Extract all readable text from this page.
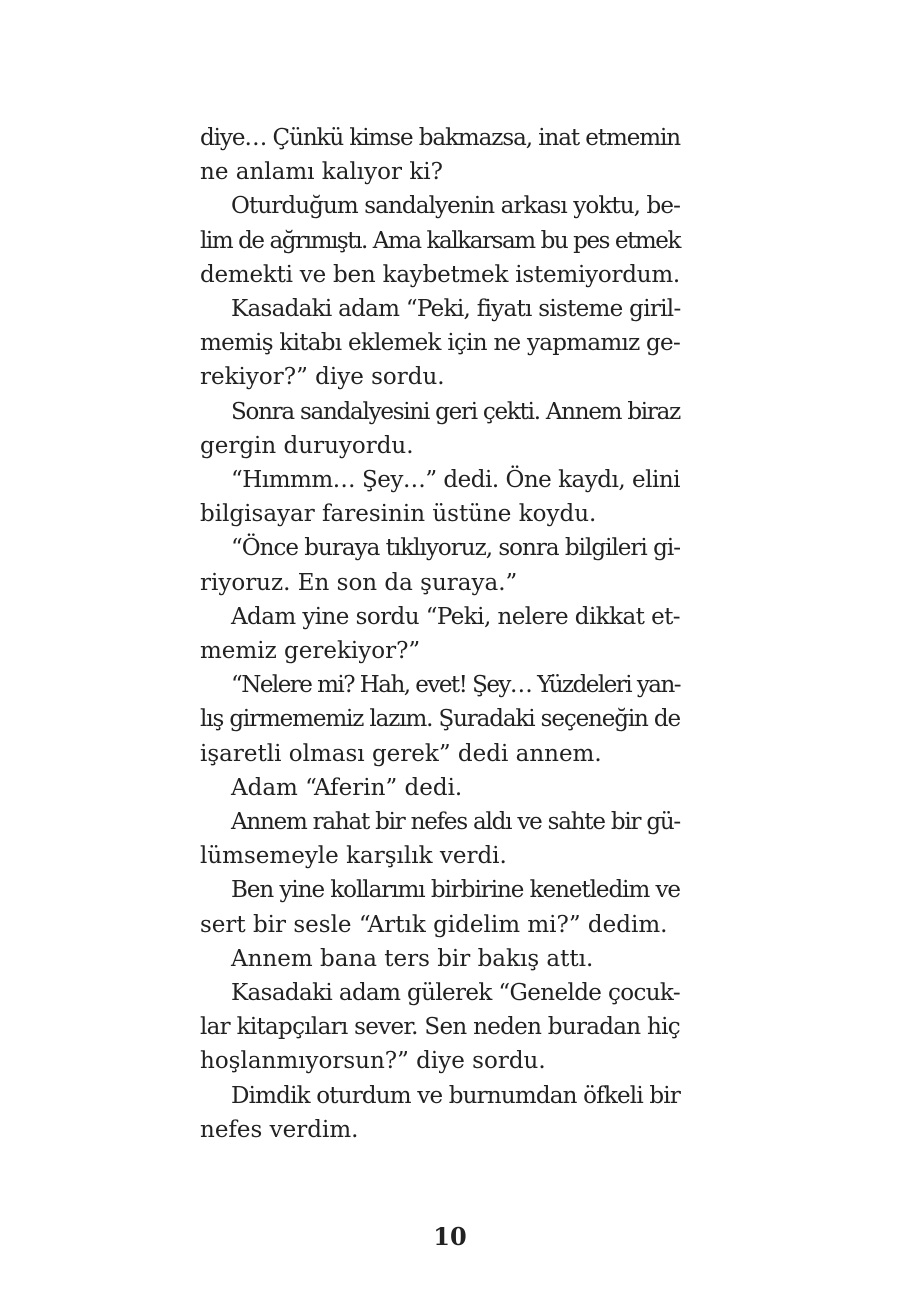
diye… Çünkü kimse bakmazsa, inat etmemin
ne anlamı kalıyor ki?

Oturduğum sandalyenin arkası yoktu, be-
lim de ağrımıştı. Ama kalkarsam bu pes etmek
demekti ve ben kaybetmek istemiyordum.

Kasadaki adam “Peki, fiyatı sisteme giril-
memiş kitabı eklemek için ne yapmamız ge-
rekiyor?” diye sordu.

Sonra sandalyesini geri çekti. Annem biraz
gergin duruyordu.

“Hımmm… Şey…” dedi. Öne kaydı, elini
bilgisayar faresinin üstüne koydu.

“Önce buraya tıklıyoruz, sonra bilgileri gi-
riyoruz. En son da şuraya.”

Adam yine sordu “Peki, nelere dikkat et-
memiz gerekiyor?”

“Nelere mi? Hah, evet! Şey… Yüzdeleri yan-
lış girmememiz lazım. Şuradaki seçeneğin de
işaretli olması gerek” dedi annem.

Adam “Aferin” dedi.

Annem rahat bir nefes aldı ve sahte bir gü-
lümsemeyle karşılık verdi.

Ben yine kollarımı birbirine kenetledim ve
sert bir sesle “Artık gidelim mi?” dedim.

Annem bana ters bir bakış attı.

Kasadaki adam gülerek “Genelde çocuk-
lar kitapçıları sever. Sen neden buradan hiç
hoşlanmıyorsun?” diye sordu.

Dimdik oturdum ve burnumdan öfkeli bir
nefes verdim.

10
